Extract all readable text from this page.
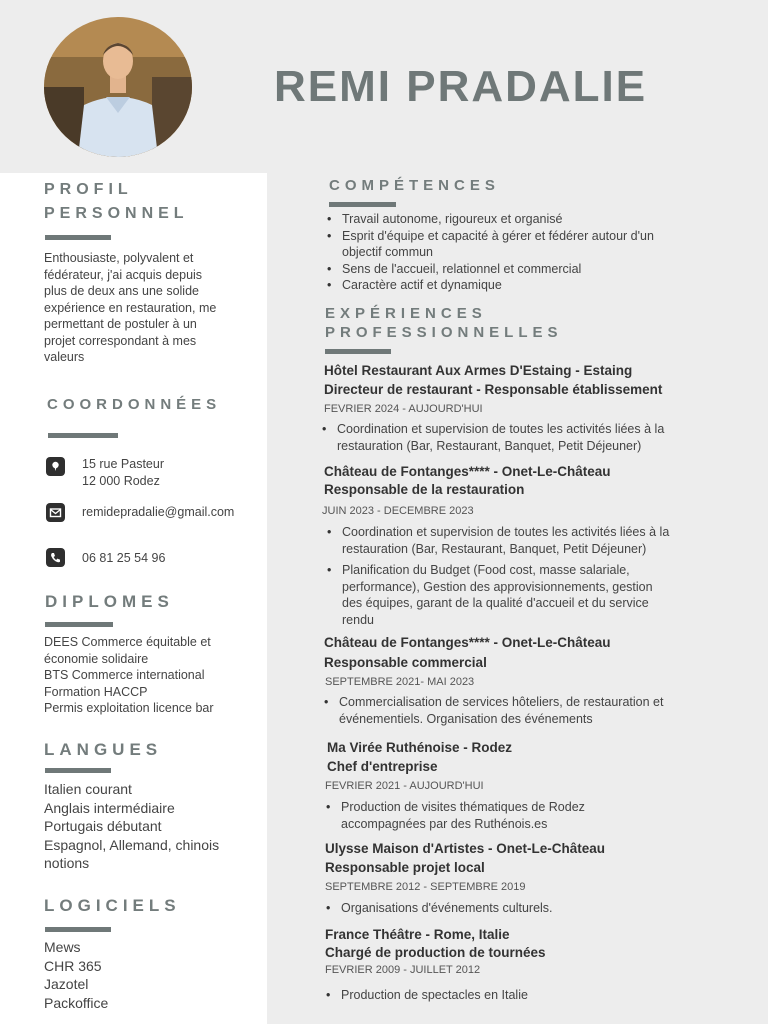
REMI PRADALIE
PROFIL
PERSONNEL
Enthousiaste, polyvalent et
fédérateur, j'ai acquis depuis
plus de deux ans une solide
expérience en restauration, me
permettant de postuler à un
projet correspondant à mes
valeurs
COORDONNÉES
15 rue Pasteur
12 000 Rodez
remidepradalie@gmail.com
06 81 25 54 96
DIPLOMES
DEES Commerce équitable et
économie solidaire
BTS Commerce international
Formation HACCP
Permis exploitation licence bar
LANGUES
Italien courant
Anglais intermédiaire
Portugais débutant
Espagnol, Allemand, chinois
notions
LOGICIELS
Mews
CHR 365
Jazotel
Packoffice
COMPÉTENCES
• Travail autonome, rigoureux et organisé
• Esprit d'équipe et capacité à gérer et fédérer autour d'un
objectif commun
• Sens de l'accueil, relationnel et commercial
• Caractère actif et dynamique
EXPÉRIENCES
PROFESSIONNELLES
Hôtel Restaurant Aux Armes D'Estaing - Estaing
Directeur de restaurant - Responsable établissement
FEVRIER 2024 - AUJOURD'HUI
• Coordination et supervision de toutes les activités liées à la
restauration (Bar, Restaurant, Banquet, Petit Déjeuner)
Château de Fontanges**** - Onet-Le-Château
Responsable de la restauration
JUIN 2023 - DECEMBRE 2023
• Coordination et supervision de toutes les activités liées à la
restauration (Bar, Restaurant, Banquet, Petit Déjeuner)
• Planification du Budget (Food cost, masse salariale,
performance), Gestion des approvisionnements, gestion
des équipes, garant de la qualité d'accueil et du service
rendu
Château de Fontanges**** - Onet-Le-Château
Responsable commercial
SEPTEMBRE 2021- MAI 2023
• Commercialisation de services hôteliers, de restauration et
événementiels. Organisation des événements
Ma Virée Ruthénoise - Rodez
Chef d'entreprise
FEVRIER 2021 - AUJOURD'HUI
• Production de visites thématiques de Rodez
accompagnées par des Ruthénois.es
Ulysse Maison d'Artistes - Onet-Le-Château
Responsable projet local
SEPTEMBRE 2012 - SEPTEMBRE 2019
• Organisations d'événements culturels.
France Théâtre - Rome, Italie
Chargé de production de tournées
FEVRIER 2009 - JUILLET 2012
• Production de spectacles en Italie
